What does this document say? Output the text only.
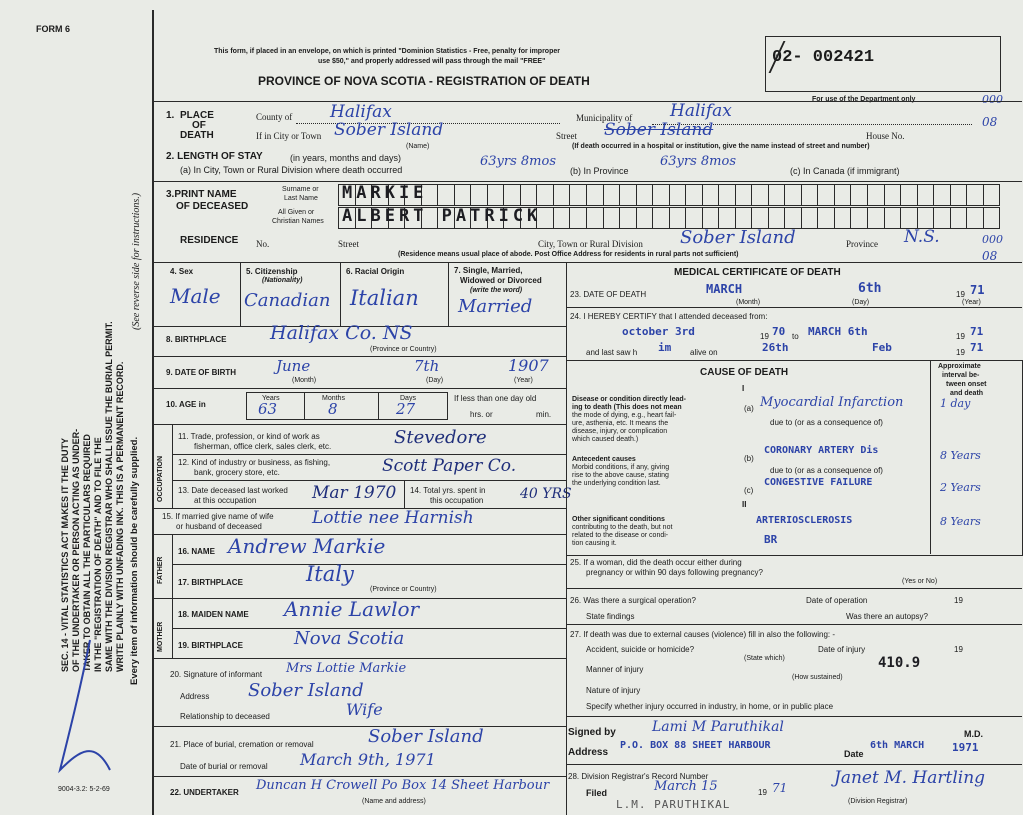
FORM 6
This form, if placed in an envelope, on which is printed "Dominion Statistics - Free, penalty for improper
use $50," and properly addressed will pass through the mail "FREE"
PROVINCE OF NOVA SCOTIA - REGISTRATION OF DEATH
02- 002421
For use of the Department only	000
08
SEC. 14 - VITAL STATISTICS ACT MAKES IT THE DUTY OF THE UNDERTAKER OR PERSON ACTING AS UNDER- TAKER TO OBTAIN ALL THE PARTICULARS REQUIRED IN THE "REGISTRATION OF DEATH" AND TO FILE THE SAME WITH THE DIVISION REGISTRAR WHO SHALL ISSUE THE BURIAL PERMIT. WRITE PLAINLY WITH UNFADING INK. THIS IS A PERMANENT RECORD. Every item of information should be carefully supplied.
(See reverse side for instructions.)
1. PLACE
OF
DEATH
County of Halifax	Municipality of Halifax
If in City or Town Sober Island
(Name)
Street Sober Island	House No.
(If death occurred in a hospital or institution, give the name instead of street and number)
2. LENGTH OF STAY	(in years, months and days)
(a) In City, Town or Rural Division where death occurred
63yrs 8mos
(b) In Province
63yrs 8mos
(c) In Canada (if immigrant)
3.PRINT NAME
OF DECEASED
Surname or
Last Name MARKIE
All Given or
Christian Names ALBERT PATRICK
RESIDENCE No.	Street	City, Town or Rural Division Sober Island	Province N.S.	000
08
(Residence means usual place of abode. Post Office Address for residents in rural parts not sufficient)
4. Sex
Male
5. Citizenship
(Nationality)
Canadian
6. Racial Origin
Italian
7. Single, Married,
Widowed or Divorced
(write the word)
Married
8. BIRTHPLACE Halifax Co. NS
(Province or Country)
9. DATE OF BIRTH	June	7th	1907
(Month)	(Day)	(Year)
10. AGE in
Years
63
Months
8
Days
27
If less than one day old
hrs. or	min.
OCCUPATION
11. Trade, profession, or kind of work as
fisherman, office clerk, sales clerk, etc.	Stevedore
12. Kind of industry or business, as fishing,
bank, grocery store, etc.	Scott Paper Co.
13. Date deceased last worked
at this occupation	Mar 1970 14. Total yrs. spent in
this occupation	40 YRS
15. If married give name of wife
or husband of deceased	Lottie nee Harnish
FATHER
16. NAME Andrew Markie
17. BIRTHPLACE	Italy
(Province or Country)
MOTHER
18. MAIDEN NAME Annie Lawlor
19. BIRTHPLACE	Nova Scotia
20. Signature of informant Mrs Lottie Markie
Address Sober Island
Relationship to deceased	Wife
21. Place of burial, cremation or removal	Sober Island
Date of burial or removal March 9th, 1971
22. UNDERTAKER Duncan H Crowell Po Box 14 Sheet Harbour
(Name and address)
9004-3.2: 5-2-69
MEDICAL CERTIFICATE OF DEATH
23. DATE OF DEATH	MARCH	6th	19 71
(Month)	(Day)	(Year)
24. I HEREBY CERTIFY that I attended deceased from:
october 3rd	19 70 to MARCH 6th	19 71
and last saw h im alive on	26th	Feb	19 71
CAUSE OF DEATH
Approximate
interval be-
tween onset
and death
I
Disease or condition directly lead-
ing to death (This does not mean
the mode of dying, e.g., heart fail-
ure, asthenia, etc. It means the
disease, injury, or complication
which caused death.)
(a) Myocardial Infarction	1 day
due to (or as a consequence of)
Antecedent causes
Morbid conditions, if any, giving
rise to the above cause, stating
the underlying condition last.
(b)
CORONARY ARTERY Dis	8 Years
due to (or as a consequence of)
(c)
CONGESTIVE FAILURE	2 Years
II
Other significant conditions
contributing to the death, but not
related to the disease or condi-
tion causing it.
ARTERIOSCLEROSIS	8 Years
BR
25. If a woman, did the death occur either during
pregnancy or within 90 days following pregnancy?
(Yes or No)
26. Was there a surgical operation?	Date of operation	19
State findings	Was there an autopsy?
27. If death was due to external causes (violence) fill in also the following: -
Accident, suicide or homicide?	Date of injury	19
(State which)
Manner of injury	410.9
(How sustained)
Nature of injury
Specify whether injury occurred in industry, in home, or in public place
Signed by	Lami M Paruthikal	M.D.
Address
P.O. BOX 88 SHEET HARBOUR
Date
6th MARCH	1971
28. Division Registrar's Record Number
Filed	March 15	19 71	Janet M. Hartling
(Division Registrar)
L.M. PARUTHIKAL
